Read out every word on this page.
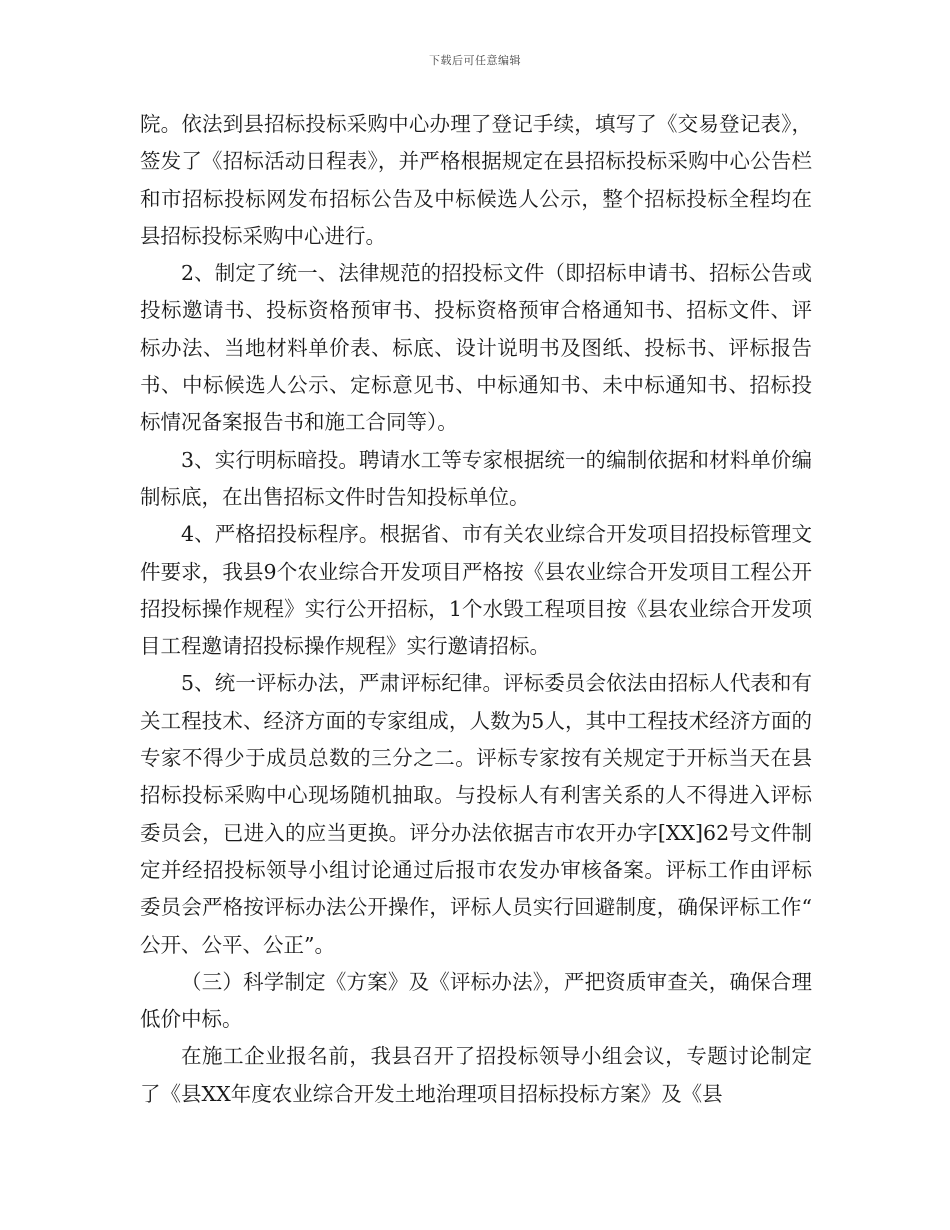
下载后可任意编辑

院。依法到县招标投标采购中心办理了登记手续，填写了《交易登记表》，签发了《招标活动日程表》，并严格根据规定在县招标投标采购中心公告栏和市招标投标网发布招标公告及中标候选人公示，整个招标投标全程均在县招标投标采购中心进行。

2、制定了统一、法律规范的招投标文件（即招标申请书、招标公告或投标邀请书、投标资格预审书、投标资格预审合格通知书、招标文件、评标办法、当地材料单价表、标底、设计说明书及图纸、投标书、评标报告书、中标候选人公示、定标意见书、中标通知书、未中标通知书、招标投标情况备案报告书和施工合同等）。

3、实行明标暗投。聘请水工等专家根据统一的编制依据和材料单价编制标底，在出售招标文件时告知投标单位。

4、严格招投标程序。根据省、市有关农业综合开发项目招投标管理文件要求，我县9个农业综合开发项目严格按《县农业综合开发项目工程公开招投标操作规程》实行公开招标，1个水毁工程项目按《县农业综合开发项目工程邀请招投标操作规程》实行邀请招标。

5、统一评标办法，严肃评标纪律。评标委员会依法由招标人代表和有关工程技术、经济方面的专家组成，人数为5人，其中工程技术经济方面的专家不得少于成员总数的三分之二。评标专家按有关规定于开标当天在县招标投标采购中心现场随机抽取。与投标人有利害关系的人不得进入评标委员会，已进入的应当更换。评分办法依据吉市农开办字[XX]62号文件制定并经招投标领导小组讨论通过后报市农发办审核备案。评标工作由评标委员会严格按评标办法公开操作，评标人员实行回避制度，确保评标工作“公开、公平、公正”。

（三）科学制定《方案》及《评标办法》，严把资质审查关，确保合理低价中标。

在施工企业报名前，我县召开了招投标领导小组会议，专题讨论制定了《县XX年度农业综合开发土地治理项目招标投标方案》及《县
